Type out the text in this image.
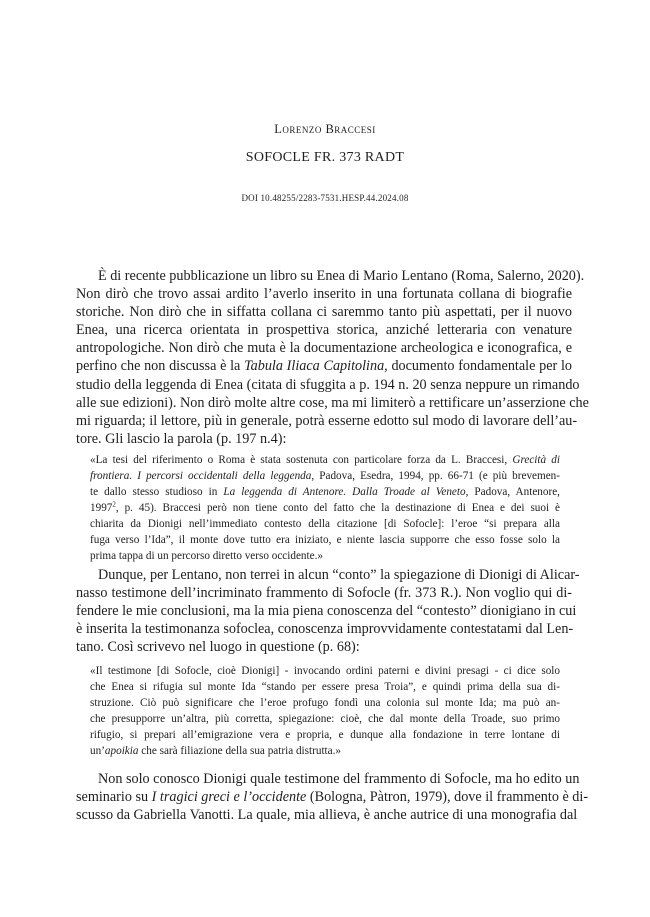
Lorenzo Braccesi
SOFOCLE FR. 373 RADT
DOI 10.48255/2283-7531.HESP.44.2024.08
È di recente pubblicazione un libro su Enea di Mario Lentano (Roma, Salerno, 2020).
Non dirò che trovo assai ardito l’averlo inserito in una fortunata collana di biografie
storiche. Non dirò che in siffatta collana ci saremmo tanto più aspettati, per il nuovo
Enea, una ricerca orientata in prospettiva storica, anziché letteraria con venature
antropologiche. Non dirò che muta è la documentazione archeologica e iconografica, e
perfino che non discussa è la Tabula Iliaca Capitolina, documento fondamentale per lo
studio della leggenda di Enea (citata di sfuggita a p. 194 n. 20 senza neppure un rimando
alle sue edizioni). Non dirò molte altre cose, ma mi limiterò a rettificare un’asserzione che
mi riguarda; il lettore, più in generale, potrà esserne edotto sul modo di lavorare dell’au-
tore. Gli lascio la parola (p. 197 n.4):
«La tesi del riferimento o Roma è stata sostenuta con particolare forza da L. Braccesi, Grecità di
frontiera. I percorsi occidentali della leggenda, Padova, Esedra, 1994, pp. 66-71 (e più brevemen-
te dallo stesso studioso in La leggenda di Antenore. Dalla Troade al Veneto, Padova, Antenore,
1997$^2$, p. 45). Braccesi però non tiene conto del fatto che la destinazione di Enea e dei suoi è
chiarita da Dionigi nell’immediato contesto della citazione [di Sofocle]: l’eroe “si prepara alla
fuga verso l’Ida”, il monte dove tutto era iniziato, e niente lascia supporre che esso fosse solo la
prima tappa di un percorso diretto verso occidente.»
Dunque, per Lentano, non terrei in alcun “conto” la spiegazione di Dionigi di Alicar-
nasso testimone dell’incriminato frammento di Sofocle (fr. 373 R.). Non voglio qui di-
fendere le mie conclusioni, ma la mia piena conoscenza del “contesto” dionigiano in cui
è inserita la testimonanza sofoclea, conoscenza improvvidamente contestatami dal Len-
tano. Così scrivevo nel luogo in questione (p. 68):
«Il testimone [di Sofocle, cioè Dionigi] - invocando ordini paterni e divini presagi - ci dice solo
che Enea si rifugia sul monte Ida “stando per essere presa Troia”, e quindi prima della sua di-
struzione. Ciò può significare che l’eroe profugo fondì una colonia sul monte Ida; ma può an-
che presupporre un’altra, più corretta, spiegazione: cioè, che dal monte della Troade, suo primo
rifugio, si prepari all’emigrazione vera e propria, e dunque alla fondazione in terre lontane di
un’apoikia che sarà filiazione della sua patria distrutta.»
Non solo conosco Dionigi quale testimone del frammento di Sofocle, ma ho edito un
seminario su I tragici greci e l’occidente (Bologna, Pàtron, 1979), dove il frammento è di-
scusso da Gabriella Vanotti. La quale, mia allieva, è anche autrice di una monografia dal
